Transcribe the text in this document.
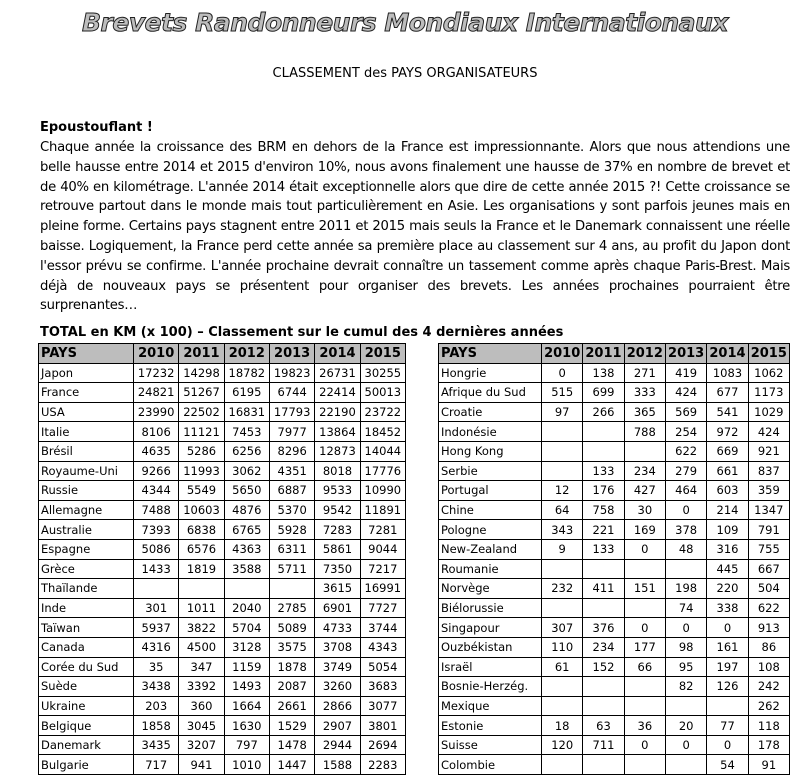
Brevets Randonneurs Mondiaux Internationaux
CLASSEMENT des PAYS ORGANISATEURS
Epoustouflant !
Chaque année la croissance des BRM en dehors de la France est impressionnante. Alors que nous attendions une belle hausse entre 2014 et 2015 d'environ 10%, nous avons finalement une hausse de 37% en nombre de brevet et de 40% en kilométrage. L'année 2014 était exceptionnelle alors que dire de cette année 2015 ?! Cette croissance se retrouve partout dans le monde mais tout particulièrement en Asie. Les organisations y sont parfois jeunes mais en pleine forme. Certains pays stagnent entre 2011 et 2015 mais seuls la France et le Danemark connaissent une réelle baisse. Logiquement, la France perd cette année sa première place au classement sur 4 ans, au profit du Japon dont l'essor prévu se confirme. L'année prochaine devrait connaître un tassement comme après chaque Paris-Brest. Mais déjà de nouveaux pays se présentent pour organiser des brevets. Les années prochaines pourraient être surprenantes…
TOTAL en KM (x 100) – Classement sur le cumul des 4 dernières années
PAYS	2010	2011	2012	2013	2014	2015
Japon	17232	14298	18782	19823	26731	30255
France	24821	51267	6195	6744	22414	50013
USA	23990	22502	16831	17793	22190	23722
Italie	8106	11121	7453	7977	13864	18452
Brésil	4635	5286	6256	8296	12873	14044
Royaume-Uni	9266	11993	3062	4351	8018	17776
Russie	4344	5549	5650	6887	9533	10990
Allemagne	7488	10603	4876	5370	9542	11891
Australie	7393	6838	6765	5928	7283	7281
Espagne	5086	6576	4363	6311	5861	9044
Grèce	1433	1819	3588	5711	7350	7217
Thaïlande					3615	16991
Inde	301	1011	2040	2785	6901	7727
Taïwan	5937	3822	5704	5089	4733	3744
Canada	4316	4500	3128	3575	3708	4343
Corée du Sud	35	347	1159	1878	3749	5054
Suède	3438	3392	1493	2087	3260	3683
Ukraine	203	360	1664	2661	2866	3077
Belgique	1858	3045	1630	1529	2907	3801
Danemark	3435	3207	797	1478	2944	2694
Bulgarie	717	941	1010	1447	1588	2283
PAYS	2010	2011	2012	2013	2014	2015
Hongrie	0	138	271	419	1083	1062
Afrique du Sud	515	699	333	424	677	1173
Croatie	97	266	365	569	541	1029
Indonésie			788	254	972	424
Hong Kong				622	669	921
Serbie		133	234	279	661	837
Portugal	12	176	427	464	603	359
Chine	64	758	30	0	214	1347
Pologne	343	221	169	378	109	791
New-Zealand	9	133	0	48	316	755
Roumanie					445	667
Norvège	232	411	151	198	220	504
Biélorussie				74	338	622
Singapour	307	376	0	0	0	913
Ouzbékistan	110	234	177	98	161	86
Israël	61	152	66	95	197	108
Bosnie-Herzég.				82	126	242
Mexique						262
Estonie	18	63	36	20	77	118
Suisse	120	711	0	0	0	178
Colombie					54	91
